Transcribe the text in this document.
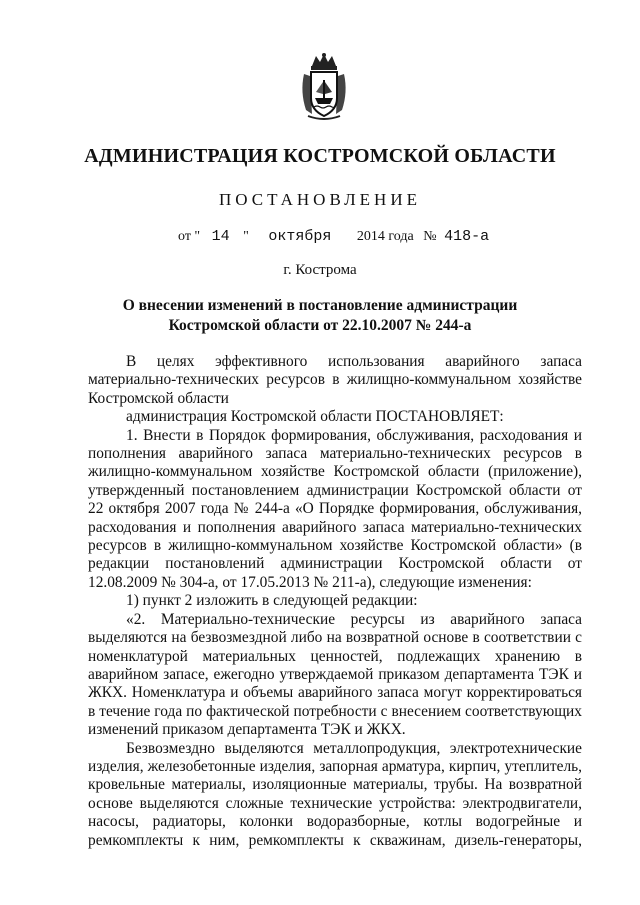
АДМИНИСТРАЦИЯ КОСТРОМСКОЙ ОБЛАСТИ
ПОСТАНОВЛЕНИЕ
от " 14 " октября 2014 года № 418-а
г. Кострома
О внесении изменений в постановление администрации
Костромской области от 22.10.2007 № 244-а

В целях эффективного использования аварийного запаса материально-технических ресурсов в жилищно-коммунальном хозяйстве Костромской области

администрация Костромской области ПОСТАНОВЛЯЕТ:

1. Внести в Порядок формирования, обслуживания, расходования и пополнения аварийного запаса материально-технических ресурсов в жилищно-коммунальном хозяйстве Костромской области (приложение), утвержденный постановлением администрации Костромской области от 22 октября 2007 года № 244-а «О Порядке формирования, обслуживания, расходования и пополнения аварийного запаса материально-технических ресурсов в жилищно-коммунальном хозяйстве Костромской области» (в редакции постановлений администрации Костромской области от 12.08.2009 № 304-а, от 17.05.2013 № 211-а), следующие изменения:

1) пункт 2 изложить в следующей редакции:

«2. Материально-технические ресурсы из аварийного запаса выделяются на безвозмездной либо на возвратной основе в соответствии с номенклатурой материальных ценностей, подлежащих хранению в аварийном запасе, ежегодно утверждаемой приказом департамента ТЭК и ЖКХ. Номенклатура и объемы аварийного запаса могут корректироваться в течение года по фактической потребности с внесением соответствующих изменений приказом департамента ТЭК и ЖКХ.

Безвозмездно выделяются металлопродукция, электротехнические изделия, железобетонные изделия, запорная арматура, кирпич, утеплитель, кровельные материалы, изоляционные материалы, трубы. На возвратной основе выделяются сложные технические устройства: электродвигатели, насосы, радиаторы, колонки водоразборные, котлы водогрейные и ремкомплекты к ним, ремкомплекты к скважинам, дизель-генераторы,
